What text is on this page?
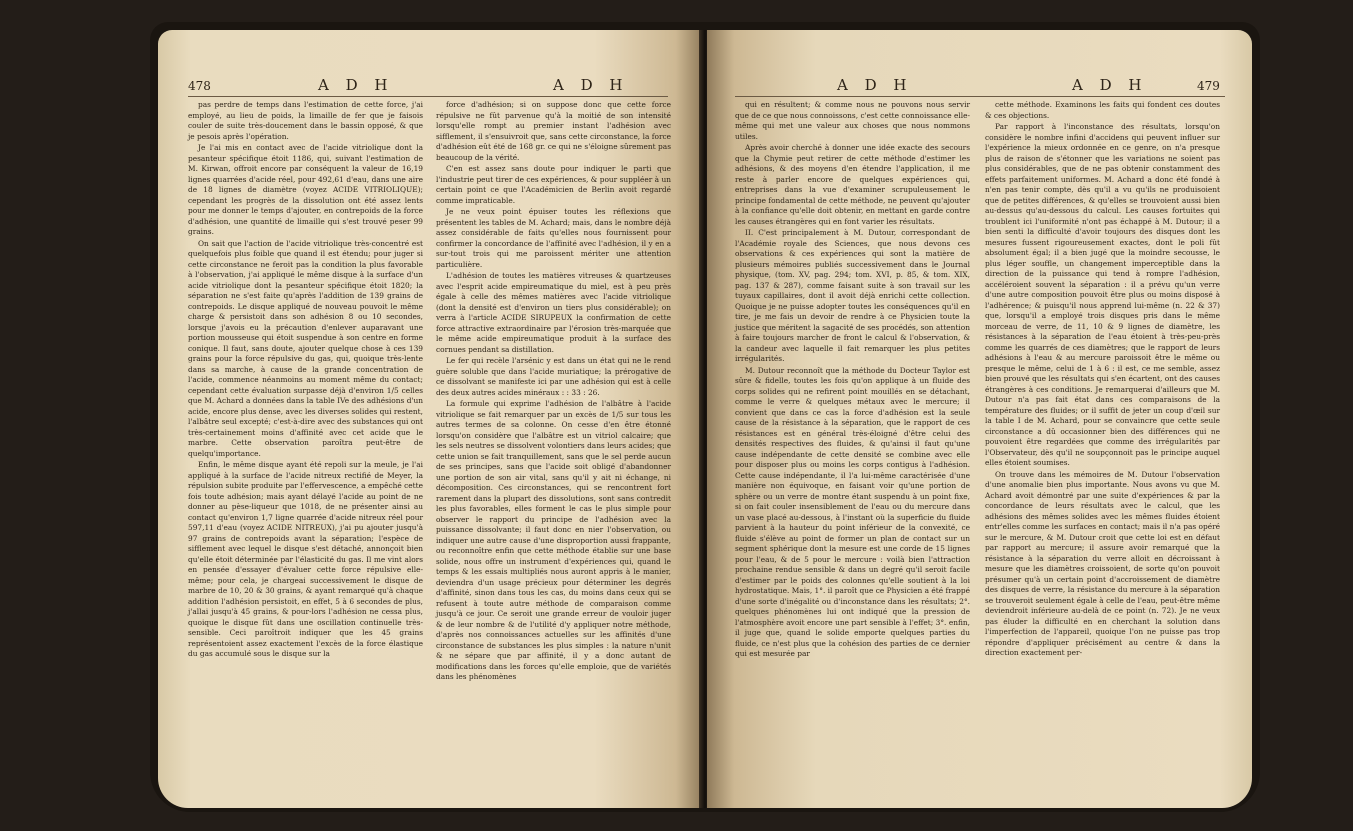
478	A D H	A D H

pas perdre de temps dans l'estimation de cette force, j'ai employé, au lieu de poids, la limaille de fer que je faisois couler de suite très-doucement dans le bassin opposé, & que je pesois après l'opération.

Je l'ai mis en contact avec de l'acide vitriolique dont la pesanteur spécifique étoit 1186, qui, suivant l'estimation de M. Kirwan, offroit encore par conséquent la valeur de 16,19 lignes quarrées d'acide réel, pour 492,61 d'eau, dans une aire de 18 lignes de diamètre (voyez ACIDE VITRIOLIQUE); cependant les progrès de la dissolution ont été assez lents pour me donner le temps d'ajouter, en contrepoids de la force d'adhésion, une quantité de limaille qui s'est trouvé peser 99 grains.

On sait que l'action de l'acide vitriolique très-concentré est quelquefois plus foible que quand il est étendu; pour juger si cette circonstance ne feroit pas la condition la plus favorable à l'observation, j'ai appliqué le même disque à la surface d'un acide vitriolique dont la pesanteur spécifique étoit 1820; la séparation ne s'est faite qu'après l'addition de 139 grains de contrepoids. Le disque appliqué de nouveau pouvoit le même charge & persistoit dans son adhésion 8 ou 10 secondes, lorsque j'avois eu la précaution d'enlever auparavant une portion mousseuse qui étoit suspendue à son centre en forme conique. Il faut, sans doute, ajouter quelque chose à ces 139 grains pour la force répulsive du gas, qui, quoique très-lente dans sa marche, à cause de la grande concentration de l'acide, commence néanmoins au moment même du contact; cependant cette évaluation surpasse déjà d'environ 1/5 celles que M. Achard a données dans la table IVe des adhésions d'un acide, encore plus dense, avec les diverses solides qui restent, l'albâtre seul excepté; c'est-à-dire avec des substances qui ont très-certainement moins d'affinité avec cet acide que le marbre. Cette observation paroîtra peut-être de quelqu'importance.

Enfin, le même disque ayant été repoli sur la meule, je l'ai appliqué à la surface de l'acide nitreux rectifié de Meyer, la répulsion subite produite par l'effervescence, a empêché cette fois toute adhésion; mais ayant délayé l'acide au point de ne donner au pèse-liqueur que 1018, de ne présenter ainsi au contact qu'environ 1,7 ligne quarrée d'acide nitreux réel pour 597,11 d'eau (voyez ACIDE NITREUX), j'ai pu ajouter jusqu'à 97 grains de contrepoids avant la séparation; l'espèce de sifflement avec lequel le disque s'est détaché, annonçoit bien qu'elle étoit déterminée par l'élasticité du gas. Il me vint alors en pensée d'essayer d'évaluer cette force répulsive elle-même; pour cela, je chargeai successivement le disque de marbre de 10, 20 & 30 grains, & ayant remarqué qu'à chaque addition l'adhésion persistoit, en effet, 5 à 6 secondes de plus, j'allai jusqu'à 45 grains, & pour-lors l'adhésion ne cessa plus, quoique le disque fût dans une oscillation continuelle très-sensible. Ceci paroîtroit indiquer que les 45 grains représentoient assez exactement l'excès de la force élastique du gas accumulé sous le disque sur la

force d'adhésion; si on suppose donc que cette force répulsive ne fût parvenue qu'à la moitié de son intensité lorsqu'elle rompt au premier instant l'adhésion avec sifflement, il s'ensuivroit que, sans cette circonstance, la force d'adhésion eût été de 168 gr. ce qui ne s'éloigne sûrement pas beaucoup de la vérité.

C'en est assez sans doute pour indiquer le parti que l'industrie peut tirer de ces expériences, & pour suppléer à un certain point ce que l'Académicien de Berlin avoit regardé comme impraticable.

Je ne veux point épuiser toutes les réflexions que présentent les tables de M. Achard; mais, dans le nombre déjà assez considérable de faits qu'elles nous fournissent pour confirmer la concordance de l'affinité avec l'adhésion, il y en a sur-tout trois qui me paroissent mériter une attention particulière.

L'adhésion de toutes les matières vitreuses & quartzeuses avec l'esprit acide empireumatique du miel, est à peu près égale à celle des mêmes matières avec l'acide vitriolique (dont la densité est d'environ un tiers plus considérable); on verra à l'article ACIDE SIRUPEUX la confirmation de cette force attractive extraordinaire par l'érosion très-marquée que le même acide empireumatique produit à la surface des cornues pendant sa distillation.

Le fer qui recèle l'arsénic y est dans un état qui ne le rend guère soluble que dans l'acide muriatique; la prérogative de ce dissolvant se manifeste ici par une adhésion qui est à celle des deux autres acides minéraux : : 33 : 26.

La formule qui exprime l'adhésion de l'albâtre à l'acide vitriolique se fait remarquer par un excès de 1/5 sur tous les autres termes de sa colonne. On cesse d'en être étonné lorsqu'on considère que l'albâtre est un vitriol calcaire; que les sels neutres se dissolvent volontiers dans leurs acides; que cette union se fait tranquillement, sans que le sel perde aucun de ses principes, sans que l'acide soit obligé d'abandonner une portion de son air vital, sans qu'il y ait ni échange, ni décomposition. Ces circonstances, qui se rencontrent fort rarement dans la plupart des dissolutions, sont sans contredit les plus favorables, elles forment le cas le plus simple pour observer le rapport du principe de l'adhésion avec la puissance dissolvante; il faut donc en nier l'observation, ou indiquer une autre cause d'une disproportion aussi frappante, ou reconnoître enfin que cette méthode établie sur une base solide, nous offre un instrument d'expériences qui, quand le temps & les essais multipliés nous auront appris à le manier, deviendra d'un usage précieux pour déterminer les degrés d'affinité, sinon dans tous les cas, du moins dans ceux qui se refusent à toute autre méthode de comparaison comme jusqu'à ce jour. Ce seroit une grande erreur de vouloir juger & de leur nombre & de l'utilité d'y appliquer notre méthode, d'après nos connoissances actuelles sur les affinités d'une circonstance de substances les plus simples : la nature n'unit & ne sépare que par affinité, il y a donc autant de modifications dans les forces qu'elle emploie, que de variétés dans les phénomènes

A D H	A D H	479

qui en résultent; & comme nous ne pouvons nous servir que de ce que nous connoissons, c'est cette connoissance elle-même qui met une valeur aux choses que nous nommons utiles.

Après avoir cherché à donner une idée exacte des secours que la Chymie peut retirer de cette méthode d'estimer les adhésions, & des moyens d'en étendre l'application, il me reste à parler encore de quelques expériences qui, entreprises dans la vue d'examiner scrupuleusement le principe fondamental de cette méthode, ne peuvent qu'ajouter à la confiance qu'elle doit obtenir, en mettant en garde contre les causes étrangères qui en font varier les résultats.

II. C'est principalement à M. Dutour, correspondant de l'Académie royale des Sciences, que nous devons ces observations & ces expériences qui sont la matière de plusieurs mémoires publiés successivement dans le Journal physique, (tom. XV, pag. 294; tom. XVI, p. 85, & tom. XIX, pag. 137 & 287), comme faisant suite à son travail sur les tuyaux capillaires, dont il avoit déjà enrichi cette collection. Quoique je ne puisse adopter toutes les conséquences qu'il en tire, je me fais un devoir de rendre à ce Physicien toute la justice que méritent la sagacité de ses procédés, son attention à faire toujours marcher de front le calcul & l'observation, & la candeur avec laquelle il fait remarquer les plus petites irrégularités.

M. Dutour reconnoît que la méthode du Docteur Taylor est sûre & fidelle, toutes les fois qu'on applique à un fluide des corps solides qui ne refirent point mouillés en se détachant, comme le verre & quelques métaux avec le mercure; il convient que dans ce cas la force d'adhésion est la seule cause de la résistance à la séparation, que le rapport de ces résistances est en général très-éloigné d'être celui des densités respectives des fluides, & qu'ainsi il faut qu'une cause indépendante de cette densité se combine avec elle pour disposer plus ou moins les corps contigus à l'adhésion. Cette cause indépendante, il l'a lui-même caractérisée d'une manière non équivoque, en faisant voir qu'une portion de sphère ou un verre de montre étant suspendu à un point fixe, si on fait couler insensiblement de l'eau ou du mercure dans un vase placé au-dessous, à l'instant où la superficie du fluide parvient à la hauteur du point inférieur de la convexité, ce fluide s'élève au point de former un plan de contact sur un segment sphérique dont la mesure est une corde de 15 lignes pour l'eau, & de 5 pour le mercure : voilà bien l'attraction prochaine rendue sensible & dans un degré qu'il seroit facile d'estimer par le poids des colonnes qu'elle soutient à la loi hydrostatique. Mais, 1°. il paroît que ce Physicien a été frappé d'une sorte d'inégalité ou d'inconstance dans les résultats; 2°. quelques phénomènes lui ont indiqué que la pression de l'atmosphère avoit encore une part sensible à l'effet; 3°. enfin, il juge que, quand le solide emporte quelques parties du fluide, ce n'est plus que la cohésion des parties de ce dernier qui est mesurée par

cette méthode. Examinons les faits qui fondent ces doutes & ces objections.

Par rapport à l'inconstance des résultats, lorsqu'on considère le nombre infini d'accidens qui peuvent influer sur l'expérience la mieux ordonnée en ce genre, on n'a presque plus de raison de s'étonner que les variations ne soient pas plus considérables, que de ne pas obtenir constamment des effets parfaitement uniformes. M. Achard a donc été fondé à n'en pas tenir compte, dès qu'il a vu qu'ils ne produisoient que de petites différences, & qu'elles se trouvoient aussi bien au-dessus qu'au-dessous du calcul. Les causes fortuites qui troublent ici l'uniformité n'ont pas échappé à M. Dutour; il a bien senti la difficulté d'avoir toujours des disques dont les mesures fussent rigoureusement exactes, dont le poli fût absolument égal; il a bien jugé que la moindre secousse, le plus léger souffle, un changement imperceptible dans la direction de la puissance qui tend à rompre l'adhésion, accéléroient souvent la séparation : il a prévu qu'un verre d'une autre composition pouvoit être plus ou moins disposé à l'adhérence; & puisqu'il nous apprend lui-même (n. 22 & 37) que, lorsqu'il a employé trois disques pris dans le même morceau de verre, de 11, 10 & 9 lignes de diamètre, les résistances à la séparation de l'eau étoient à très-peu-près comme les quarrés de ces diamètres; que le rapport de leurs adhésions à l'eau & au mercure paroissoit être le même ou presque le même, celui de 1 à 6 : il est, ce me semble, assez bien prouvé que les résultats qui s'en écartent, ont des causes étrangères à ces conditions. Je remarquerai d'ailleurs que M. Dutour n'a pas fait état dans ces comparaisons de la température des fluides; or il suffit de jeter un coup d'œil sur la table I de M. Achard, pour se convaincre que cette seule circonstance a dû occasionner bien des différences qui ne pouvoient être regardées que comme des irrégularités par l'Observateur, dès qu'il ne soupçonnoit pas le principe auquel elles étoient soumises.

On trouve dans les mémoires de M. Dutour l'observation d'une anomalie bien plus importante. Nous avons vu que M. Achard avoit démontré par une suite d'expériences & par la concordance de leurs résultats avec le calcul, que les adhésions des mêmes solides avec les mêmes fluides étoient entr'elles comme les surfaces en contact; mais il n'a pas opéré sur le mercure, & M. Dutour croit que cette loi est en défaut par rapport au mercure; il assure avoir remarqué que la résistance à la séparation du verre alloit en décroissant à mesure que les diamètres croissoient, de sorte qu'on pouvoit présumer qu'à un certain point d'accroissement de diamètre des disques de verre, la résistance du mercure à la séparation se trouveroit seulement égale à celle de l'eau, peut-être même deviendroit inférieure au-delà de ce point (n. 72). Je ne veux pas éluder la difficulté en en cherchant la solution dans l'imperfection de l'appareil, quoique l'on ne puisse pas trop répondre d'appliquer précisément au centre & dans la direction exactement per-
